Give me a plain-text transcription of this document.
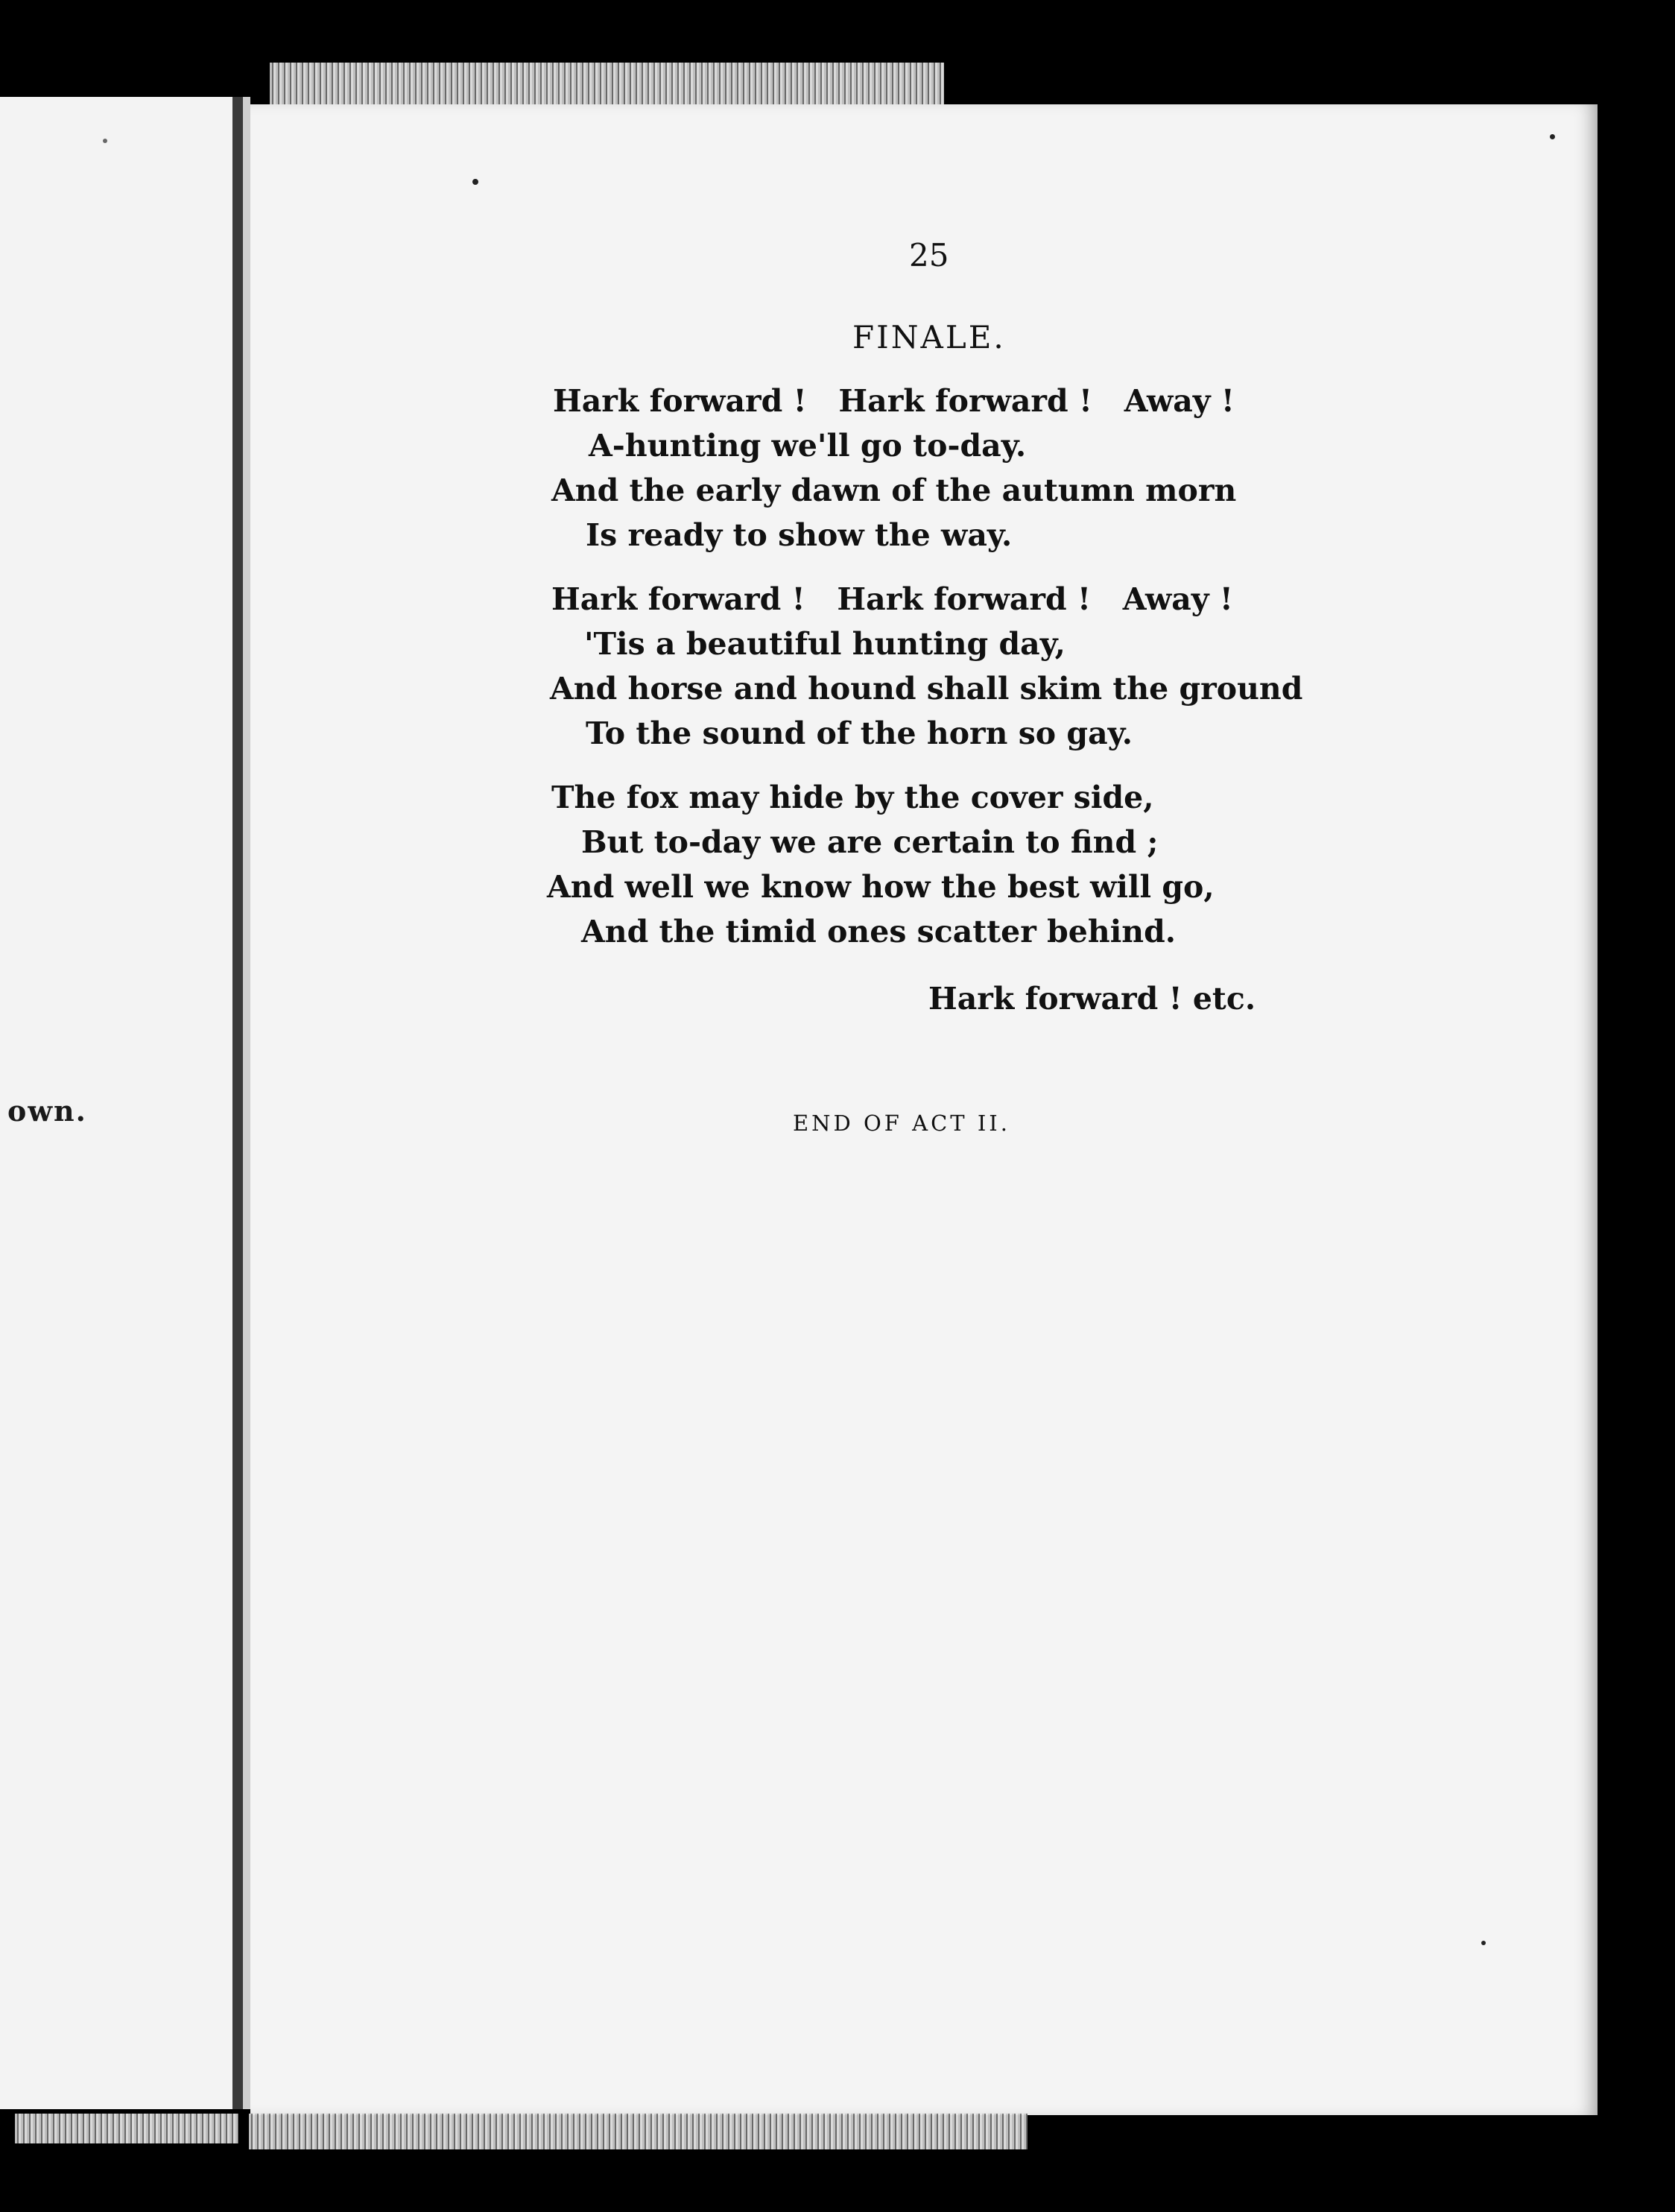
own.
25
FINALE.
Hark forward !   Hark forward !   Away !
A-hunting we'll go to-day.
And the early dawn of the autumn morn
Is ready to show the way.
Hark forward !   Hark forward !   Away !
'Tis a beautiful hunting day,
And horse and hound shall skim the ground
To the sound of the horn so gay.
The fox may hide by the cover side,
But to-day we are certain to find ;
And well we know how the best will go,
And the timid ones scatter behind.
Hark forward ! etc.
END OF ACT II.
